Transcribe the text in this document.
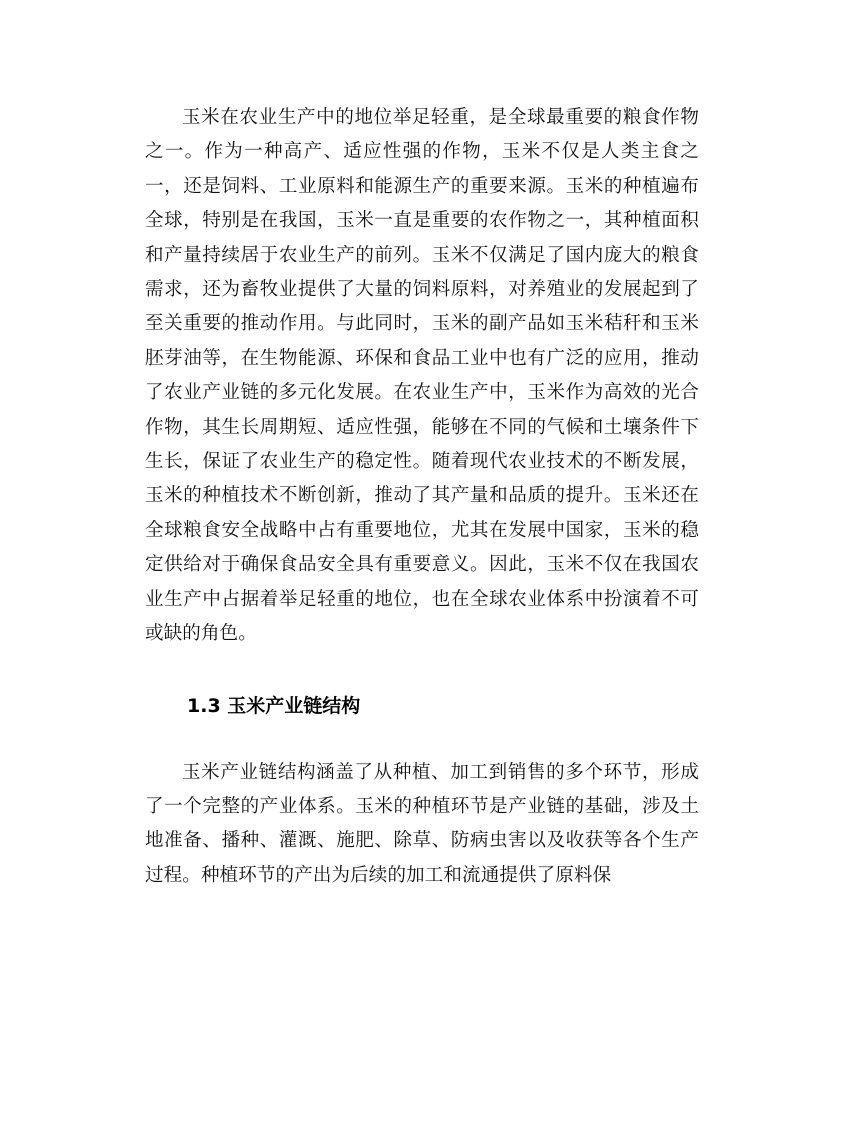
玉米在农业生产中的地位举足轻重，是全球最重要的粮食作物之一。作为一种高产、适应性强的作物，玉米不仅是人类主食之一，还是饲料、工业原料和能源生产的重要来源。玉米的种植遍布全球，特别是在我国，玉米一直是重要的农作物之一，其种植面积和产量持续居于农业生产的前列。玉米不仅满足了国内庞大的粮食需求，还为畜牧业提供了大量的饲料原料，对养殖业的发展起到了至关重要的推动作用。与此同时，玉米的副产品如玉米秸秆和玉米胚芽油等，在生物能源、环保和食品工业中也有广泛的应用，推动了农业产业链的多元化发展。在农业生产中，玉米作为高效的光合作物，其生长周期短、适应性强，能够在不同的气候和土壤条件下生长，保证了农业生产的稳定性。随着现代农业技术的不断发展，玉米的种植技术不断创新，推动了其产量和品质的提升。玉米还在全球粮食安全战略中占有重要地位，尤其在发展中国家，玉米的稳定供给对于确保食品安全具有重要意义。因此，玉米不仅在我国农业生产中占据着举足轻重的地位，也在全球农业体系中扮演着不可或缺的角色。

1.3 玉米产业链结构

玉米产业链结构涵盖了从种植、加工到销售的多个环节，形成了一个完整的产业体系。玉米的种植环节是产业链的基础，涉及土地准备、播种、灌溉、施肥、除草、防病虫害以及收获等各个生产过程。种植环节的产出为后续的加工和流通提供了原料保
